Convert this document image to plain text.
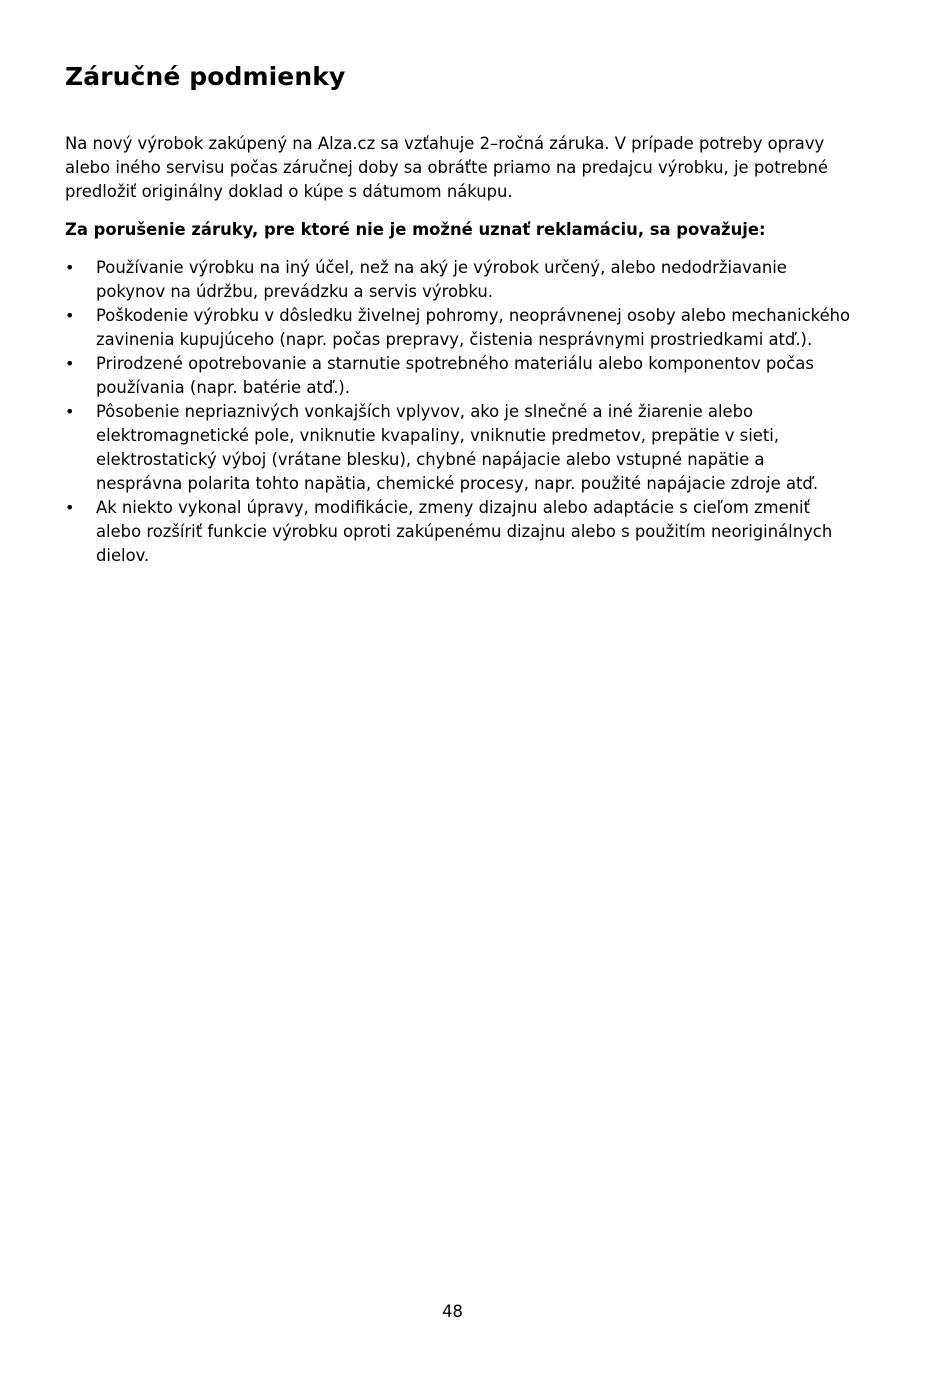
Záručné podmienky

Na nový výrobok zakúpený na Alza.cz sa vzťahuje 2–ročná záruka. V prípade potreby opravy alebo iného servisu počas záručnej doby sa obráťte priamo na predajcu výrobku, je potrebné predložiť originálny doklad o kúpe s dátumom nákupu.

Za porušenie záruky, pre ktoré nie je možné uznať reklamáciu, sa považuje:

• Používanie výrobku na iný účel, než na aký je výrobok určený, alebo nedodržiavanie pokynov na údržbu, prevádzku a servis výrobku.
• Poškodenie výrobku v dôsledku živelnej pohromy, neoprávnenej osoby alebo mechanického zavinenia kupujúceho (napr. počas prepravy, čistenia nesprávnymi prostriedkami atď.).
• Prirodzené opotrebovanie a starnutie spotrebného materiálu alebo komponentov počas používania (napr. batérie atď.).
• Pôsobenie nepriaznivých vonkajších vplyvov, ako je slnečné a iné žiarenie alebo elektromagnetické pole, vniknutie kvapaliny, vniknutie predmetov, prepätie v sieti, elektrostatický výboj (vrátane blesku), chybné napájacie alebo vstupné napätie a nesprávna polarita tohto napätia, chemické procesy, napr. použité napájacie zdroje atď.
• Ak niekto vykonal úpravy, modifikácie, zmeny dizajnu alebo adaptácie s cieľom zmeniť alebo rozšíriť funkcie výrobku oproti zakúpenému dizajnu alebo s použitím neoriginálnych dielov.
48
